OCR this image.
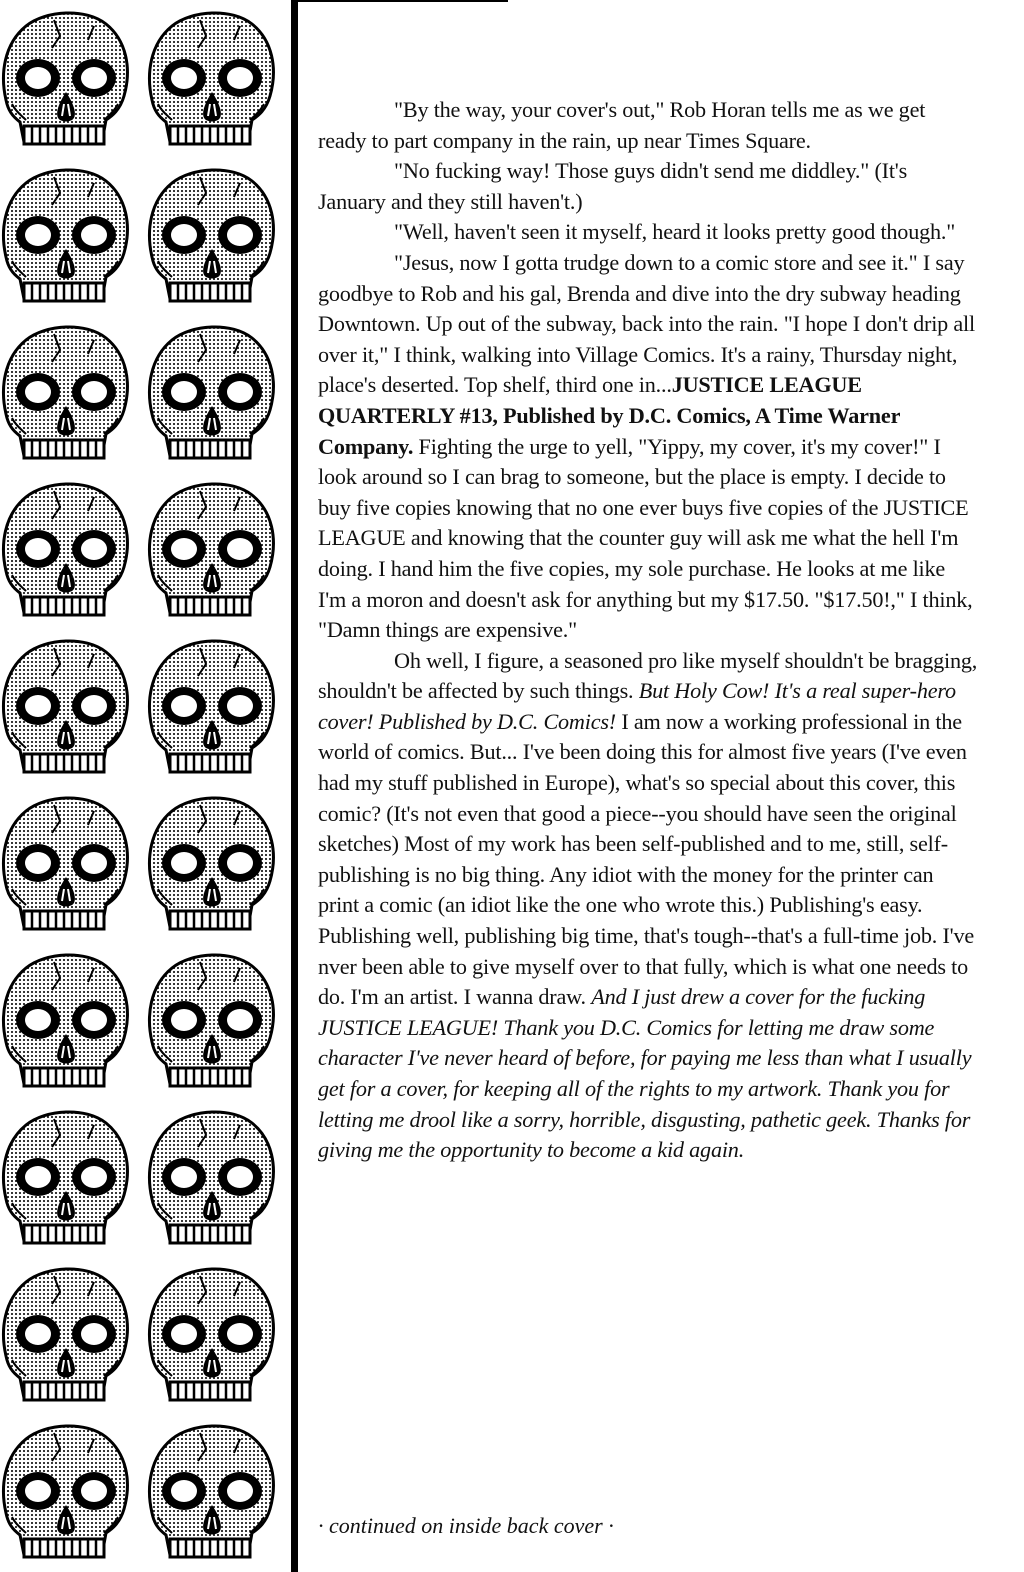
"By the way, your cover's out," Rob Horan tells me as we get ready to part company in the rain, up near Times Square.

"No fucking way! Those guys didn't send me diddley." (It's January and they still haven't.)

"Well, haven't seen it myself, heard it looks pretty good though."

"Jesus, now I gotta trudge down to a comic store and see it." I say goodbye to Rob and his gal, Brenda and dive into the dry subway heading Downtown. Up out of the subway, back into the rain. "I hope I don't drip all over it," I think, walking into Village Comics. It's a rainy, Thursday night, place's deserted. Top shelf, third one in...JUSTICE LEAGUE QUARTERLY #13, Published by D.C. Comics, A Time Warner Company. Fighting the urge to yell, "Yippy, my cover, it's my cover!" I look around so I can brag to someone, but the place is empty. I decide to buy five copies knowing that no one ever buys five copies of the JUSTICE LEAGUE and knowing that the counter guy will ask me what the hell I'm doing. I hand him the five copies, my sole purchase. He looks at me like I'm a moron and doesn't ask for anything but my $17.50. "$17.50!," I think, "Damn things are expensive."

Oh well, I figure, a seasoned pro like myself shouldn't be bragging, shouldn't be affected by such things. But Holy Cow! It's a real super-hero cover! Published by D.C. Comics! I am now a working professional in the world of comics. But... I've been doing this for almost five years (I've even had my stuff published in Europe), what's so special about this cover, this comic? (It's not even that good a piece--you should have seen the original sketches) Most of my work has been self-published and to me, still, self-publishing is no big thing. Any idiot with the money for the printer can print a comic (an idiot like the one who wrote this.) Publishing's easy. Publishing well, publishing big time, that's tough--that's a full-time job. I've nver been able to give myself over to that fully, which is what one needs to do. I'm an artist. I wanna draw. And I just drew a cover for the fucking JUSTICE LEAGUE! Thank you D.C. Comics for letting me draw some character I've never heard of before, for paying me less than what I usually get for a cover, for keeping all of the rights to my artwork. Thank you for letting me drool like a sorry, horrible, disgusting, pathetic geek. Thanks for giving me the opportunity to become a kid again.

· continued on inside back cover ·
